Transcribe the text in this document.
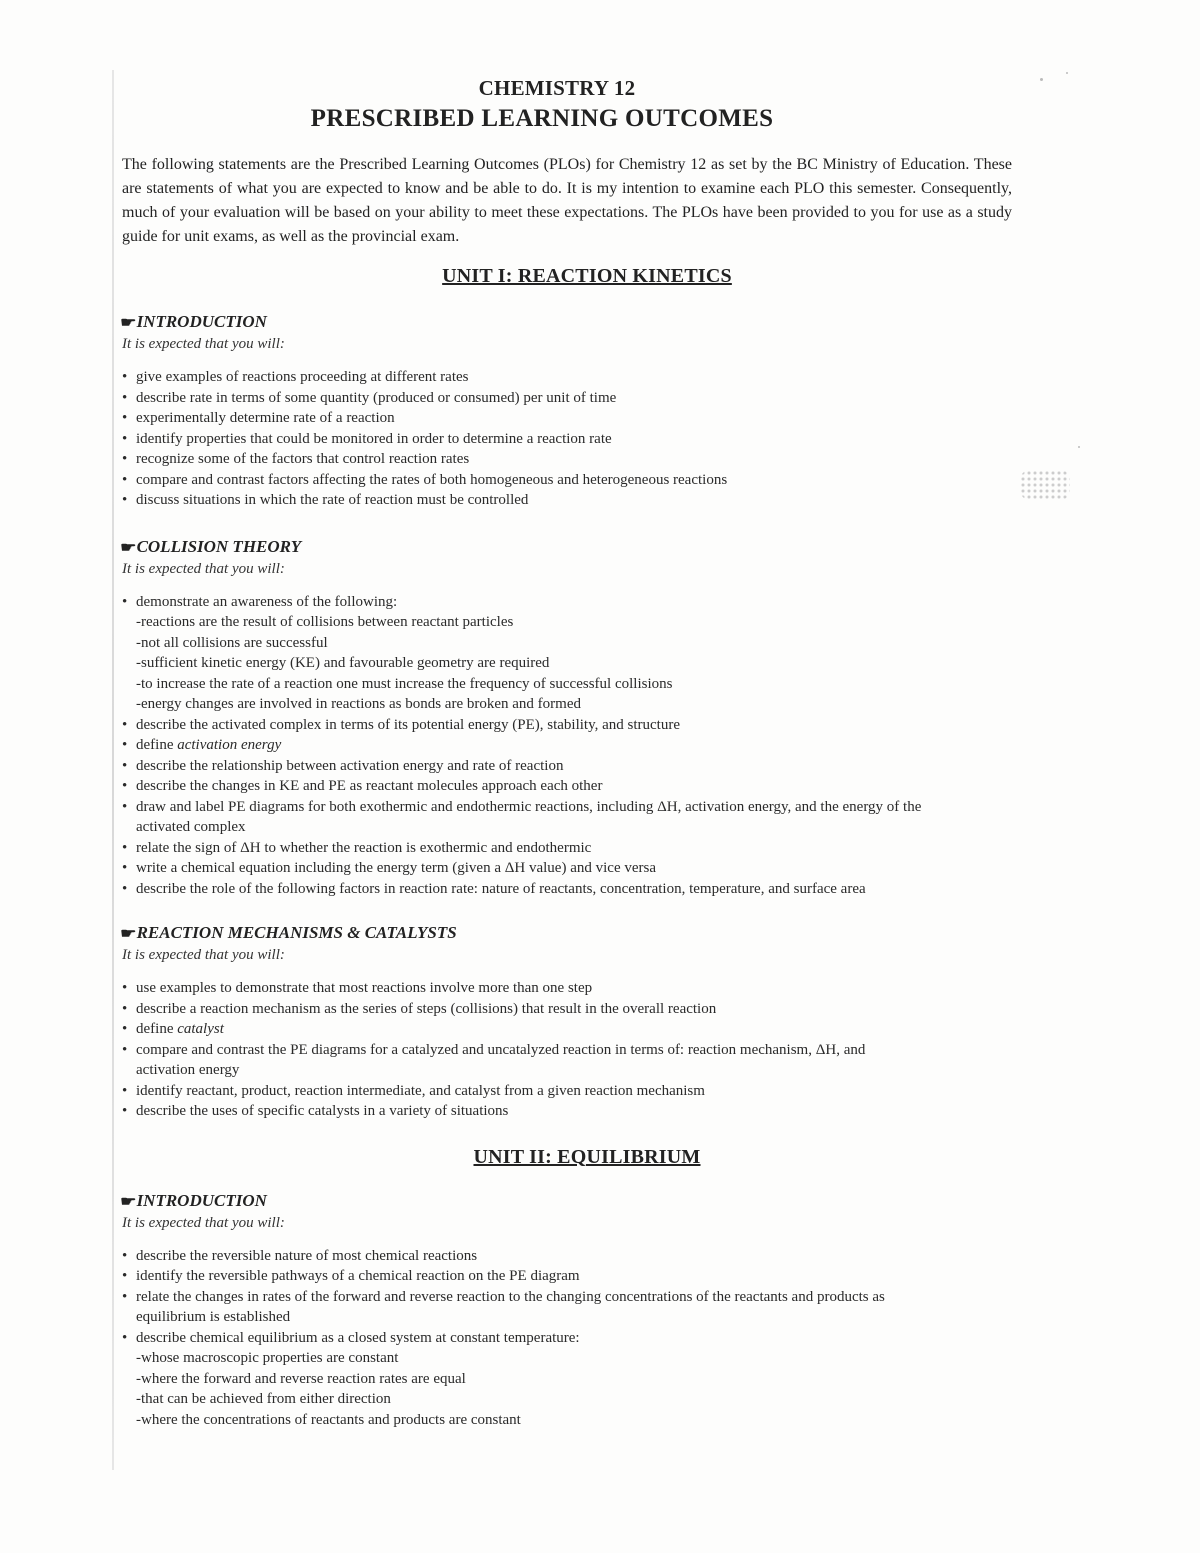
CHEMISTRY 12
PRESCRIBED LEARNING OUTCOMES

The following statements are the Prescribed Learning Outcomes (PLOs) for Chemistry 12 as set by the BC Ministry of Education. These are statements of what you are expected to know and be able to do. It is my intention to examine each PLO this semester. Consequently, much of your evaluation will be based on your ability to meet these expectations. The PLOs have been provided to you for use as a study guide for unit exams, as well as the provincial exam.

UNIT I: REACTION KINETICS
☛INTRODUCTION
It is expected that you will:
• give examples of reactions proceeding at different rates
• describe rate in terms of some quantity (produced or consumed) per unit of time
• experimentally determine rate of a reaction
• identify properties that could be monitored in order to determine a reaction rate
• recognize some of the factors that control reaction rates
• compare and contrast factors affecting the rates of both homogeneous and heterogeneous reactions
• discuss situations in which the rate of reaction must be controlled
☛COLLISION THEORY
It is expected that you will:
• demonstrate an awareness of the following:
-reactions are the result of collisions between reactant particles
-not all collisions are successful
-sufficient kinetic energy (KE) and favourable geometry are required
-to increase the rate of a reaction one must increase the frequency of successful collisions
-energy changes are involved in reactions as bonds are broken and formed
• describe the activated complex in terms of its potential energy (PE), stability, and structure
• define activation energy
• describe the relationship between activation energy and rate of reaction
• describe the changes in KE and PE as reactant molecules approach each other
• draw and label PE diagrams for both exothermic and endothermic reactions, including ΔH, activation energy, and the energy of the activated complex
• relate the sign of ΔH to whether the reaction is exothermic and endothermic
• write a chemical equation including the energy term (given a ΔH value) and vice versa
• describe the role of the following factors in reaction rate: nature of reactants, concentration, temperature, and surface area
☛REACTION MECHANISMS & CATALYSTS
It is expected that you will:
• use examples to demonstrate that most reactions involve more than one step
• describe a reaction mechanism as the series of steps (collisions) that result in the overall reaction
• define catalyst
• compare and contrast the PE diagrams for a catalyzed and uncatalyzed reaction in terms of: reaction mechanism, ΔH, and activation energy
• identify reactant, product, reaction intermediate, and catalyst from a given reaction mechanism
• describe the uses of specific catalysts in a variety of situations
UNIT II: EQUILIBRIUM
☛INTRODUCTION
It is expected that you will:
• describe the reversible nature of most chemical reactions
• identify the reversible pathways of a chemical reaction on the PE diagram
• relate the changes in rates of the forward and reverse reaction to the changing concentrations of the reactants and products as equilibrium is established
• describe chemical equilibrium as a closed system at constant temperature:
-whose macroscopic properties are constant
-where the forward and reverse reaction rates are equal
-that can be achieved from either direction
-where the concentrations of reactants and products are constant
